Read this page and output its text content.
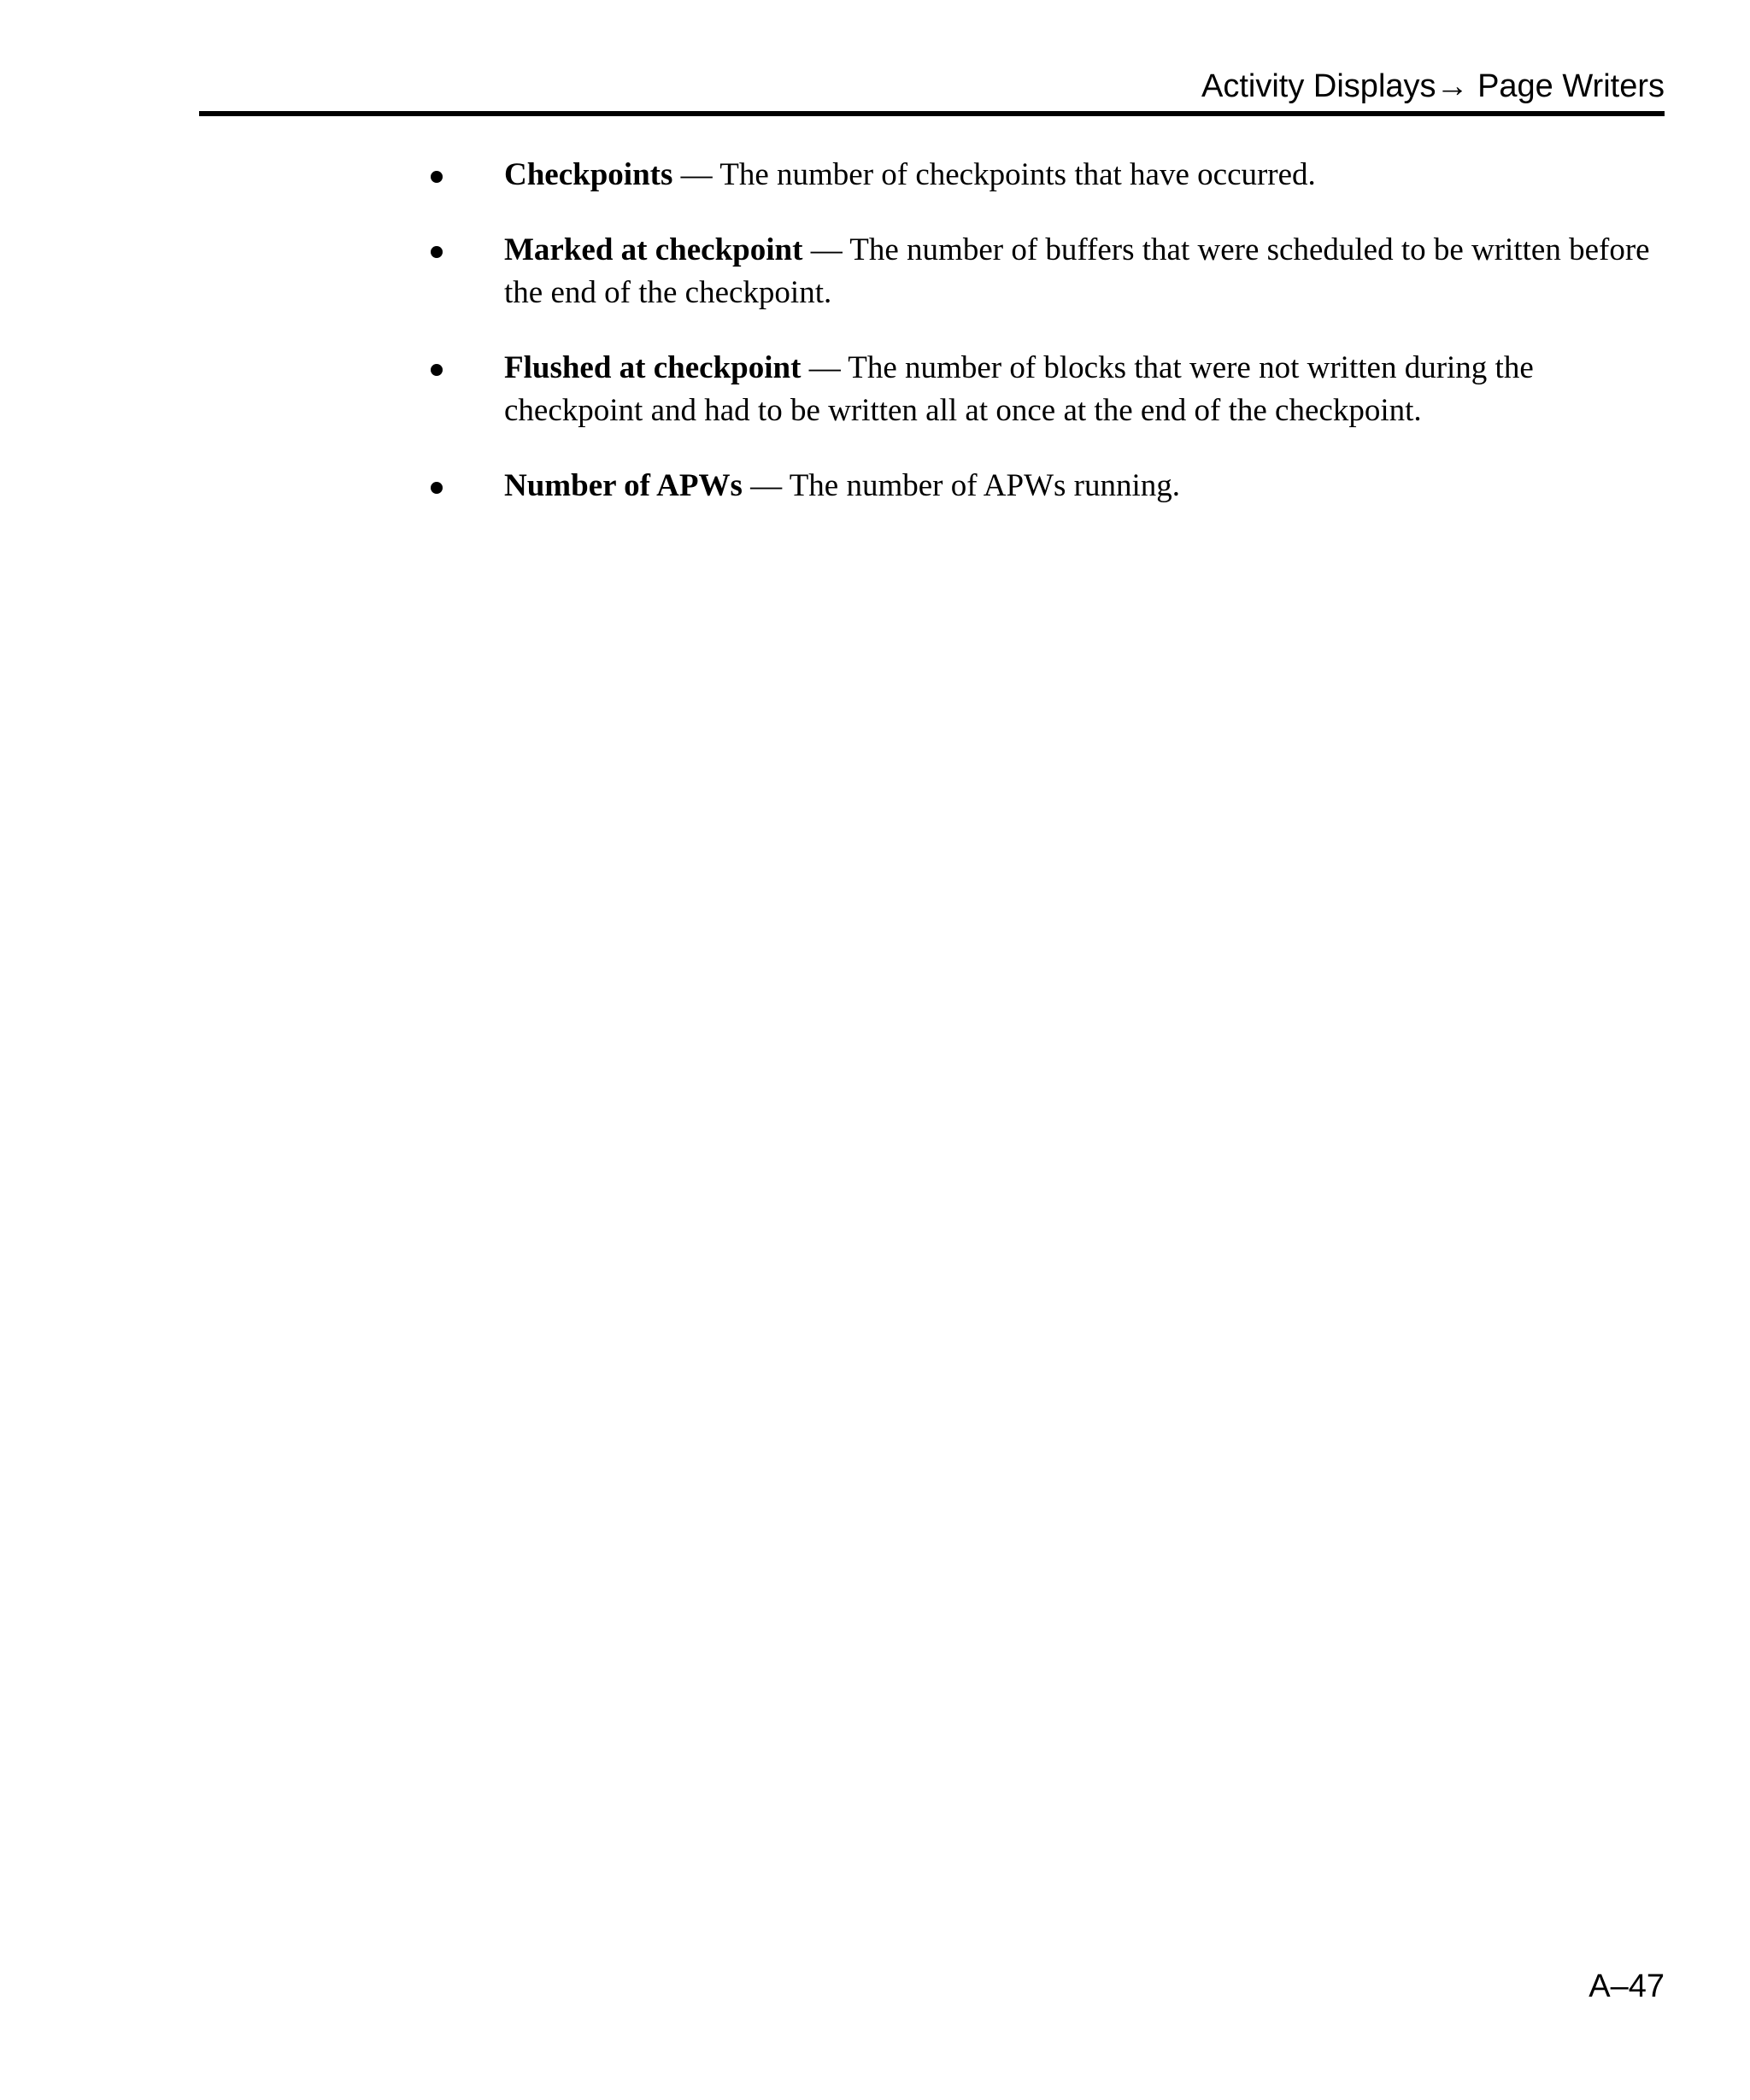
Activity Displays→ Page Writers
Checkpoints — The number of checkpoints that have occurred.
Marked at checkpoint — The number of buffers that were scheduled to be written before the end of the checkpoint.
Flushed at checkpoint — The number of blocks that were not written during the checkpoint and had to be written all at once at the end of the checkpoint.
Number of APWs — The number of APWs running.
A–47
